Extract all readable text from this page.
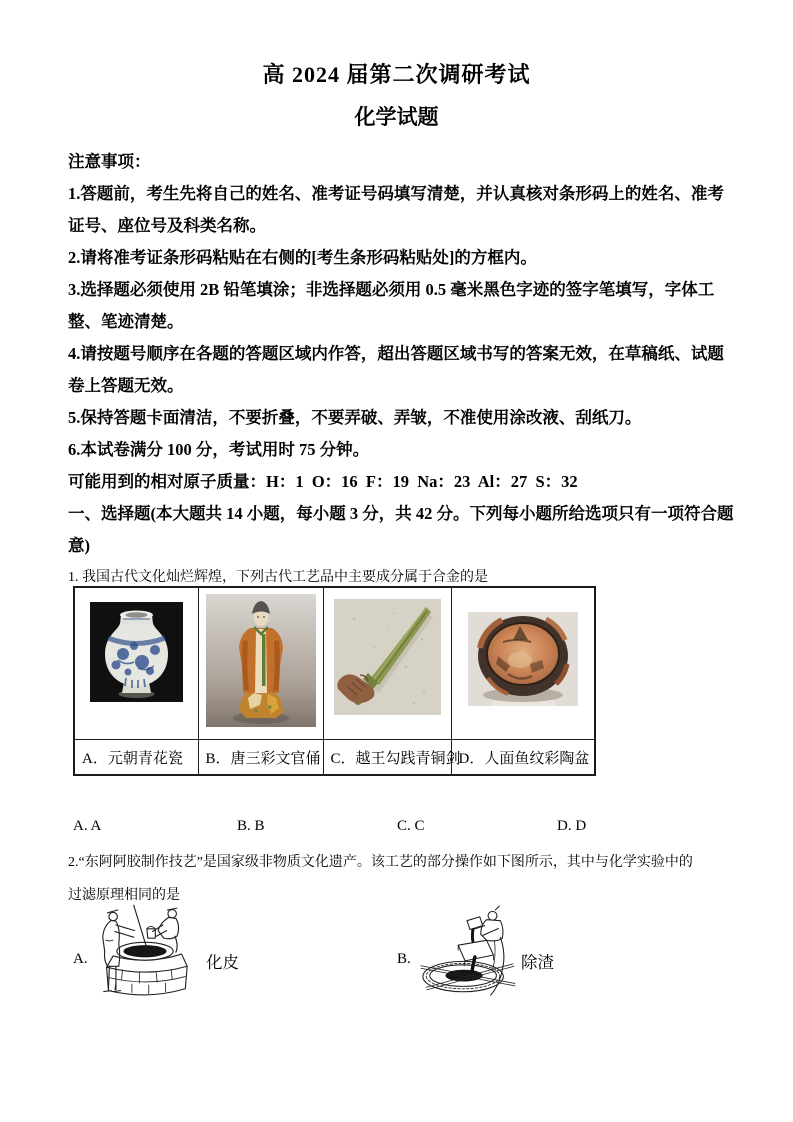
高 2024 届第二次调研考试
化学试题
注意事项：
1.答题前，考生先将自己的姓名、准考证号码填写清楚，并认真核对条形码上的姓名、准考
证号、座位号及科类名称。
2.请将准考证条形码粘贴在右侧的[考生条形码粘贴处]的方框内。
3.选择题必须使用 2B 铅笔填涂；非选择题必须用 0.5 毫米黑色字迹的签字笔填写，字体工
整、笔迹清楚。
4.请按题号顺序在各题的答题区域内作答，超出答题区域书写的答案无效，在草稿纸、试题
卷上答题无效。
5.保持答题卡面清洁，不要折叠，不要弄破、弄皱，不准使用涂改液、刮纸刀。
6.本试卷满分 100 分，考试用时 75 分钟。
可能用到的相对原子质量：H：1  O：16  F：19  Na：23  Al：27  S：32
一、选择题(本大题共 14 小题，每小题 3 分，共 42 分。下列每小题所给选项只有一项符合题
意)
1. 我国古代文化灿烂辉煌，下列古代工艺品中主要成分属于合金的是

A．元朝青花瓷	B．唐三彩文官俑	C．越王勾践青铜剑	D．人面鱼纹彩陶盆
A. A	B. B	C. C	D. D
2.“东阿阿胶制作技艺”是国家级非物质文化遗产。该工艺的部分操作如下图所示，其中与化学实验中的
过滤原理相同的是
A.	化皮	B.	除渣
